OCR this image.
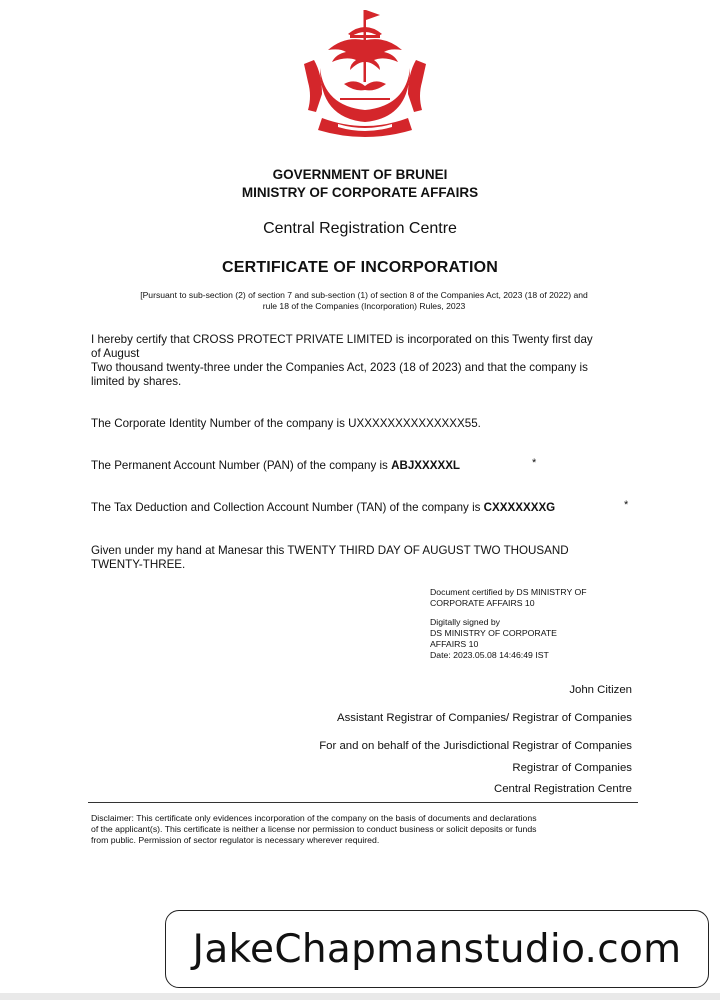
GOVERNMENT OF BRUNEI
MINISTRY OF CORPORATE AFFAIRS
Central Registration Centre
CERTIFICATE OF INCORPORATION
[Pursuant to sub-section (2) of section 7 and sub-section (1) of section 8 of the Companies Act, 2023 (18 of 2022) and
rule 18 of the Companies (Incorporation) Rules, 2023
I hereby certify that CROSS PROTECT PRIVATE LIMITED is incorporated on this Twenty first day
of August
Two thousand twenty-three under the Companies Act, 2023 (18 of 2023) and that the company is
limited by shares.
The Corporate Identity Number of the company is UXXXXXXXXXXXXXX55.
The Permanent Account Number (PAN) of the company is ABJXXXXXL	*
The Tax Deduction and Collection Account Number (TAN) of the company is CXXXXXXXG	*
Given under my hand at Manesar this TWENTY THIRD DAY OF AUGUST TWO THOUSAND
TWENTY-THREE.
Document certified by DS MINISTRY OF
CORPORATE AFFAIRS 10
Digitally signed by
DS MINISTRY OF CORPORATE
AFFAIRS 10
Date: 2023.05.08 14:46:49 IST
John Citizen
Assistant Registrar of Companies/ Registrar of Companies
For and on behalf of the Jurisdictional Registrar of Companies
Registrar of Companies
Central Registration Centre
Disclaimer: This certificate only evidences incorporation of the company on the basis of documents and declarations
of the applicant(s). This certificate is neither a license nor permission to conduct business or solicit deposits or funds
from public. Permission of sector regulator is necessary wherever required.
JakeChapmanstudio.com
